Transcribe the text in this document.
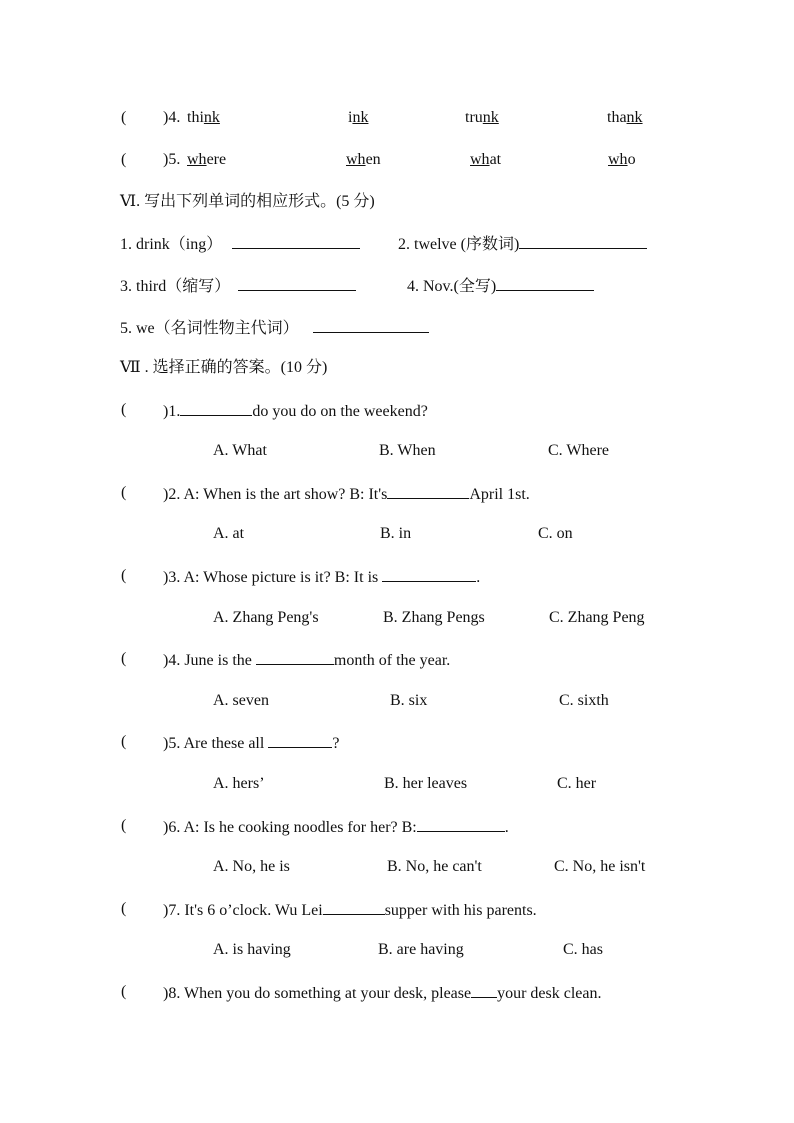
( )4. think	ink	trunk	thank
( )5. where	when	what	who
Ⅵ. 写出下列单词的相应形式。(5 分)
1. drink（ing）	2. twelve (序数词)
3. third（缩写）	4. Nov.(全写)
5. we（名词性物主代词）
Ⅶ . 选择正确的答案。(10 分)
( )1.	do you do on the weekend?
A. What	B. When	C. Where
( )2. A: When is the art show? B: It's	April 1st.
A. at	B. in	C. on
( )3. A: Whose picture is it? B: It is	.
A. Zhang Peng's	B. Zhang Pengs	C. Zhang Peng
( )4. June is the	month of the year.
A. seven	B. six	C. sixth
( )5. Are these all	?
A. hers’	B. her leaves	C. her
( )6. A: Is he cooking noodles for her? B:	.
A. No, he is	B. No, he can't	C. No, he isn't
( )7. It's 6 o’clock. Wu Lei	supper with his parents.
A. is having	B. are having	C. has
( )8. When you do something at your desk, please your desk clean.
